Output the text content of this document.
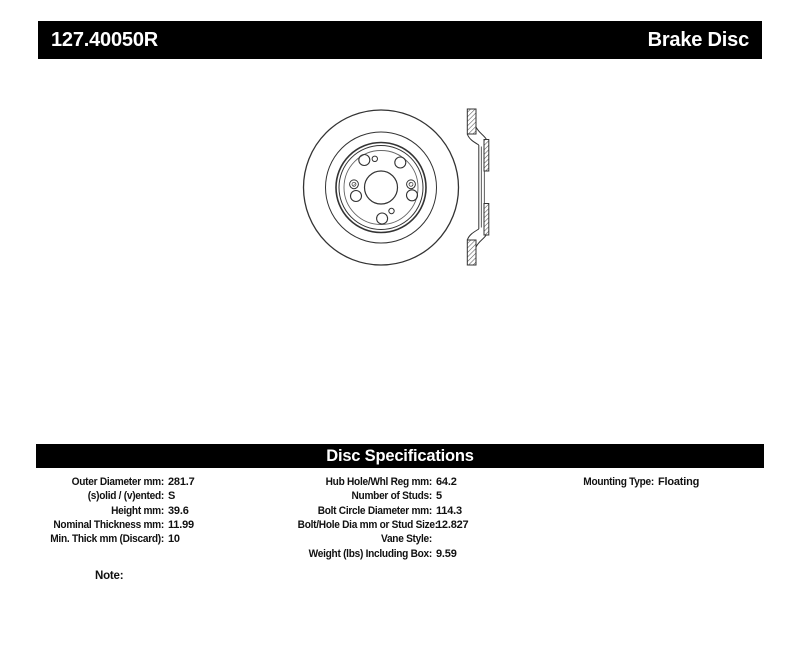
127.40050R	Brake Disc
Disc Specifications
Outer Diameter mm: 281.7
(s)olid / (v)ented: S
Height mm: 39.6
Nominal Thickness mm: 11.99
Min. Thick mm (Discard): 10
Hub Hole/Whl Reg mm: 64.2
Number of Studs: 5
Bolt Circle Diameter mm: 114.3
Bolt/Hole Dia mm or Stud Size:
12.827
Vane Style:
Weight (lbs) Including Box: 9.59
Mounting Type: Floating
Note:
